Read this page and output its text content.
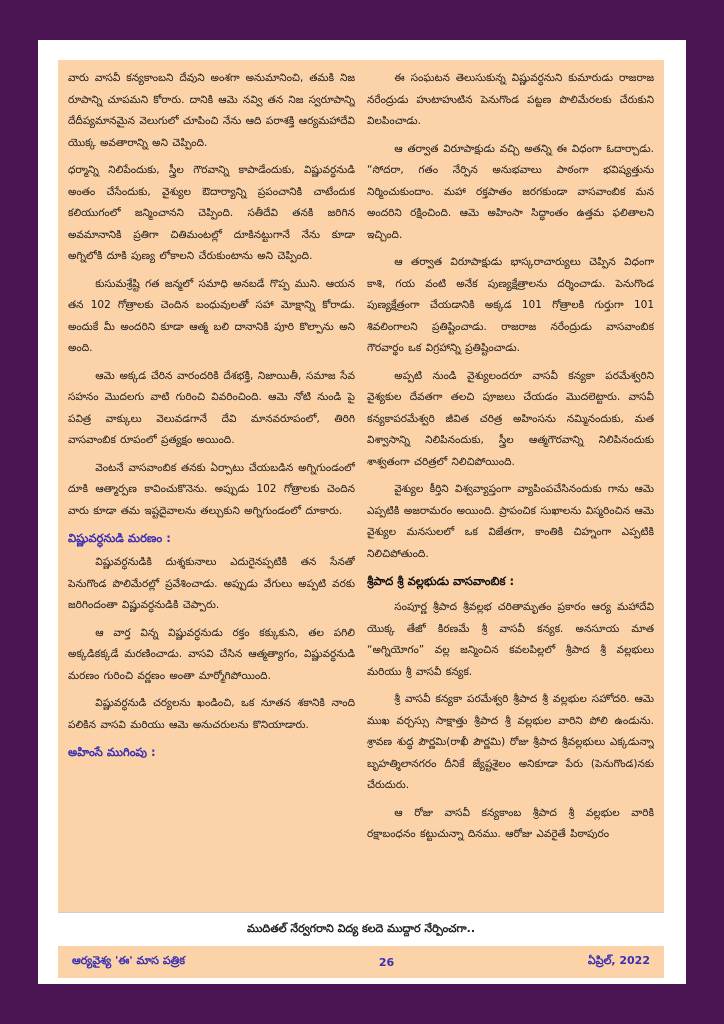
వారు వాసవీ కన్యకాంబని దేవుని అంశగా అనుమానించి, తమకి నిజ రూపాన్ని చూపమని కోరారు. దానికి ఆమె నవ్వి తన నిజ స్వరూపాన్ని దేదీప్యమానమైన వెలుగులో చూపించి నేను ఆది పరాశక్తి ఆర్యమహాదేవి యొక్క అవతారాన్ని అని చెప్పింది.

ధర్మాన్ని నిలిపేందుకు, స్త్రీల గౌరవాన్ని కాపాడేందుకు, విష్ణువర్ధనుడి అంతం చేసేందుకు, వైశ్యుల ఔదార్యాన్ని ప్రపంచానికి చాటేందుక కలియుగంలో జన్మించానని చెప్పింది. సతీదేవి తనకి జరిగిన అవమానానికి ప్రతిగా చితిమంటల్లో దూకినట్టుగానే నేను కూడా అగ్నిలోకి దూకి పుణ్య లోకాలని చేరుకుంటాను అని చెప్పింది.

కుసుమశ్రేష్టి గత జన్మలో సమాధి అనబడే గొప్ప ముని. ఆయన తన 102 గోత్రాలకు చెందిన బంధువులతో సహా మోక్షాన్ని కోరాడు. అందుకే మీ అందరిని కూడా ఆత్మ బలి దానానికి పూరి కొల్పాను అని అంది.

ఆమె అక్కడ చేరిన వారందరికి దేశభక్తి, నిజాయితీ, సమాజ సేవ సహనం మొదలగు వాటి గురించి వివరించింది. ఆమె నోటి నుండి పై పవిత్ర వాక్కులు వెలువడగానే దేవి మానవరూపంలో, తిరిగి వాసవాంబిక రూపంలో ప్రత్యక్షం అయింది.

వెంటనే వాసవాంబిక తనకు ఏర్పాటు చేయబడిన అగ్నిగుండంలో దూకి ఆత్మార్పణ కావించుకొనెను. అప్పుడు 102 గోత్రాలకు చెందిన వారు కూడా తమ ఇష్టదైవాలను తల్చుకుని అగ్నిగుండంలో దూకారు.

విష్ణువర్ధనుడి మరణం :

విష్ణువర్ధనుడికి దుశ్శకునాలు ఎదురైనప్పటికి తన సేనతో పెనుగొండ పొలిమేరల్లో ప్రవేశించాడు. అప్పుడు వేగులు అప్పటి వరకు జరిగిందంతా విష్ణువర్ధనుడికి చెప్పారు.

ఆ వార్త విన్న విష్ణువర్ధనుడు రక్తం కక్కుకుని, తల పగిలి అక్కడికక్కడే మరణించాడు. వాసవి చేసిన ఆత్మత్యాగం, విష్ణువర్ధనుడి మరణం గురించి వర్ణణం అంతా మార్మోగిపోయింది.

విష్ణువర్ధనుడి చర్యలను ఖండించి, ఒక నూతన శకానికి నాంది పలికిన వాసవి మరియు ఆమె అనుచరులను కొనియాడారు.

అహింసే ముగింపు :

ఈ సంఘటన తెలుసుకున్న విష్ణువర్ధనుని కుమారుడు రాజరాజ నరేంద్రుడు హుటాహుటిన పెనుగొండ పట్టణ పొలిమేరలకు చేరుకుని విలపించాడు.

ఆ తర్వాత విరూపాక్షుడు వచ్చి అతన్ని ఈ విధంగా ఓదార్చాడు. “సోదరా, గతం నేర్పిన అనుభవాలు పాఠంగా భవిష్యత్తును నిర్మించుకుందాం. మహా రక్తపాతం జరగకుండా వాసవాంబిక మన అందరిని రక్షించింది. ఆమె అహింసా సిద్ధాంతం ఉత్తమ ఫలితాలని ఇచ్చింది.

ఆ తర్వాత విరూపాక్షుడు భాస్కరాచార్యులు చెప్పిన విధంగా కాశి, గయ వంటి అనేక పుణ్యక్షేత్రాలను దర్శించాడు. పెనుగొండ పుణ్యక్షేత్రంగా చేయడానికి అక్కడ 101 గోత్రాలకి గుర్తుగా 101 శివలింగాలని ప్రతిష్టించాడు. రాజరాజ నరేంద్రుడు వాసవాంబిక గౌరవార్థం ఒక విగ్రహాన్ని ప్రతిష్టించాడు.

అప్పటి నుండి వైశ్యులందరూ వాసవీ కన్యకా పరమేశ్వరిని వైశ్యకుల దేవతగా తలచి పూజలు చేయడం మొదలెట్టారు. వాసవీ కన్యకాపరమేశ్వరి జీవిత చరిత్ర అహింసను నమ్మినందుకు, మత విశ్వాసాన్ని నిలిపినందుకు, స్త్రీల ఆత్మగౌరవాన్ని నిలిపినందుకు శాశ్వతంగా చరిత్రలో నిలిచిపోయింది.

వైశ్యుల కీర్తిని విశ్వవ్యాప్తంగా వ్యాపింపచేసినందుకు గాను ఆమె ఎప్పటికి అజరామరం అయింది. ప్రాపంచిక సుఖాలను విస్మరించిన ఆమె వైశ్యుల మనసులలో ఒక విజేతగా, కాంతికి చిహ్నంగా ఎప్పటికి నిలిచిపోతుంది.

శ్రీపాద శ్రీ వల్లభుడు వాసవాంబిక :

సంపూర్ణ శ్రీపాద శ్రీవల్లభ చరితామృతం ప్రకారం ఆర్య మహాదేవి యొక్క తేజో కిరణమే శ్రీ వాసవీ కన్యక. అనసూయ మాత “అగ్నియోగం” వల్ల జన్మించిన కవలపిల్లలో శ్రీపాద శ్రీ వల్లభులు మరియు శ్రీ వాసవీ కన్యక.

శ్రీ వాసవీ కన్యకా పరమేశ్వరి శ్రీపాద శ్రీ వల్లభుల సహోదరి. ఆమె ముఖ వర్చస్సు సాక్షాత్తు శ్రీపాద శ్రీ వల్లభుల వారిని పోలి ఉండును. శ్రావణ శుద్ధ పౌర్ణమి(రాఖీ పౌర్ణమి) రోజు శ్రీపాద శ్రీవల్లభులు ఎక్కడున్నా బృహత్శిలానగరం దీనికే జ్యేష్టశైలం అనికూడా పేరు (పెనుగొండ)నకు చేరుదురు.

ఆ రోజు వాసవీ కన్యకాంబ శ్రీపాద శ్రీ వల్లభుల వారికి రక్షాబంధనం కట్టుచున్నా దినము. ఆరోజు ఎవరైతే పిఠాపురం

ముదితల్ నేర్వగరాని విద్య కలదె ముద్దార నేర్పించగా..
ఆర్యవైశ్య 'ఈ' మాస పత్రిక	26	ఏప్రిల్, 2022
